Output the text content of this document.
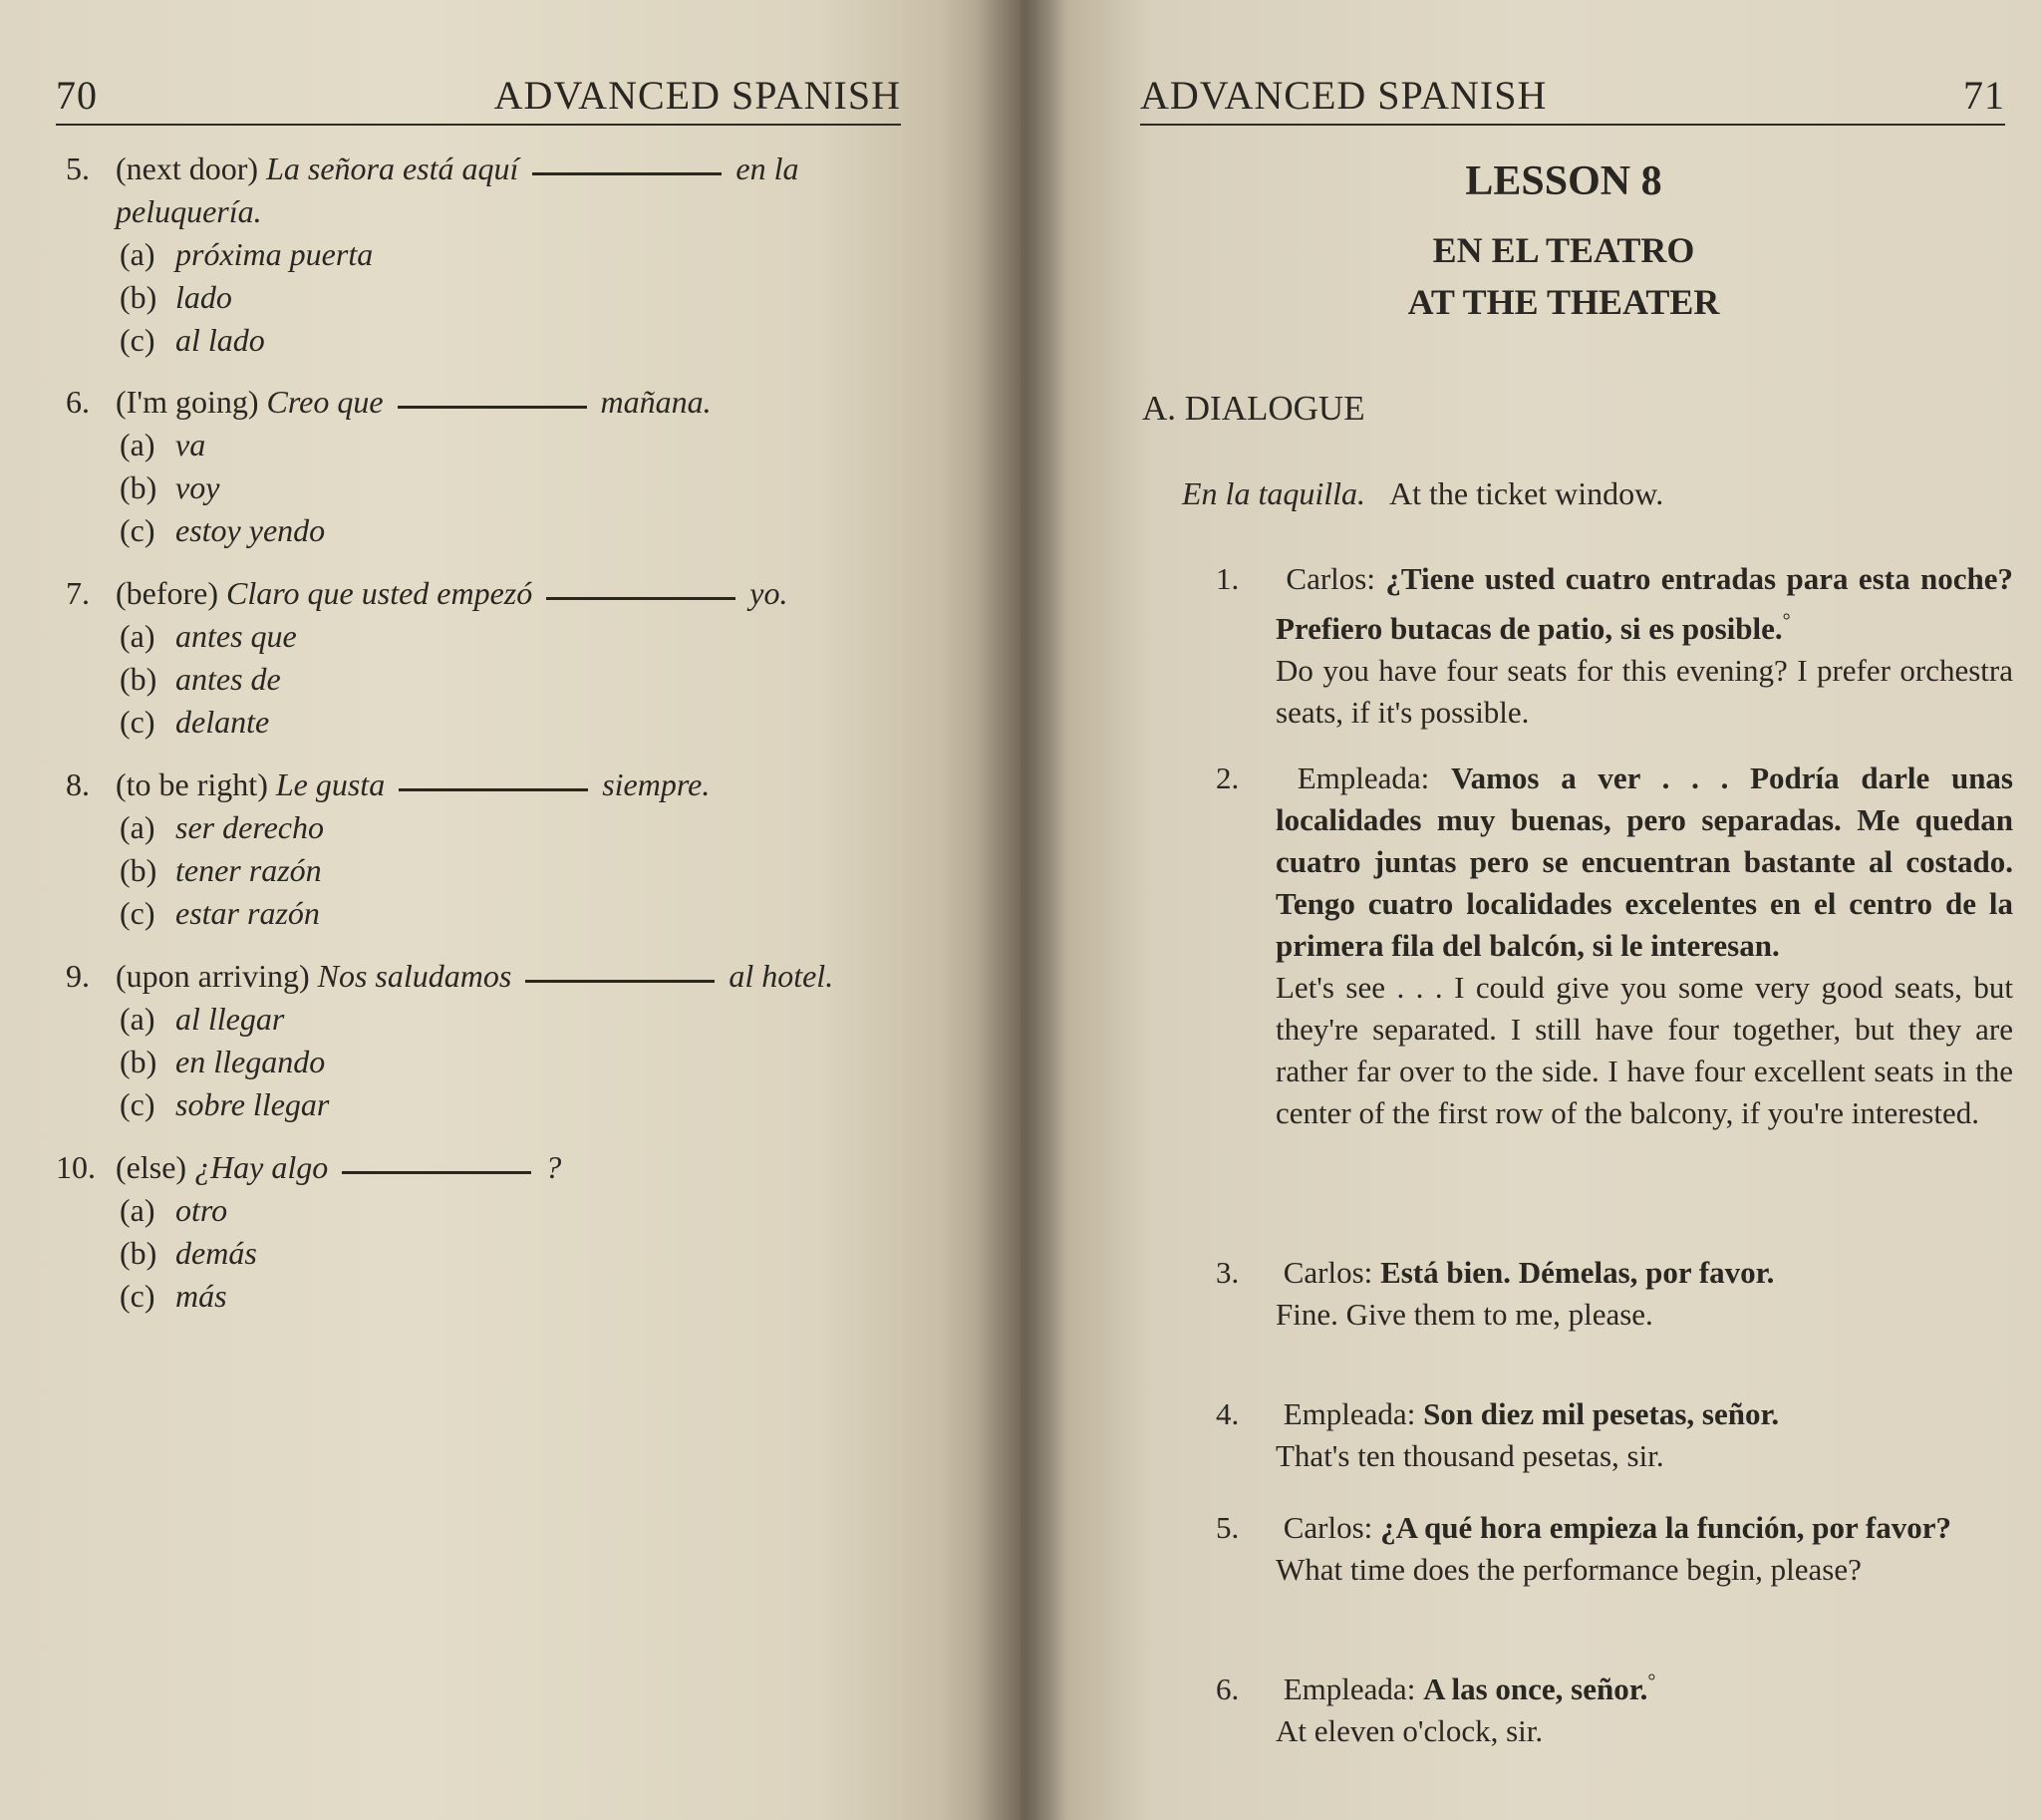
70	ADVANCED SPANISH
5. (next door) La señora está aquí	en la
peluquería.
(a) próxima puerta
(b) lado
(c) al lado
6. (I'm going) Creo que	mañana.
(a) va
(b) voy
(c) estoy yendo
7. (before) Claro que usted empezó	yo.
(a) antes que
(b) antes de
(c) delante
8. (to be right) Le gusta	siempre.
(a) ser derecho
(b) tener razón
(c) estar razón
9. (upon arriving) Nos saludamos	al hotel.
(a) al llegar
(b) en llegando
(c) sobre llegar
10. (else) ¿Hay algo	?
(a) otro
(b) demás
(c) más
ADVANCED SPANISH	71
LESSON 8
EN EL TEATRO
AT THE THEATER
A. DIALOGUE
En la taquilla. At the ticket window.
1. Carlos: ¿Tiene usted cuatro entradas para esta noche? Prefiero butacas de patio, si es posible.°
Do you have four seats for this evening? I prefer orchestra seats, if it's possible.
2. Empleada: Vamos a ver . . . Podría darle unas localidades muy buenas, pero separadas. Me quedan cuatro juntas pero se encuentran bastante al costado. Tengo cuatro localidades excelentes en el centro de la primera fila del balcón, si le interesan.
Let's see . . . I could give you some very good seats, but they're separated. I still have four together, but they are rather far over to the side. I have four excellent seats in the center of the first row of the balcony, if you're interested.
3. Carlos: Está bien. Démelas, por favor.
Fine. Give them to me, please.
4. Empleada: Son diez mil pesetas, señor.
That's ten thousand pesetas, sir.
5. Carlos: ¿A qué hora empieza la función, por favor?
What time does the performance begin, please?
6. Empleada: A las once, señor.°
At eleven o'clock, sir.
